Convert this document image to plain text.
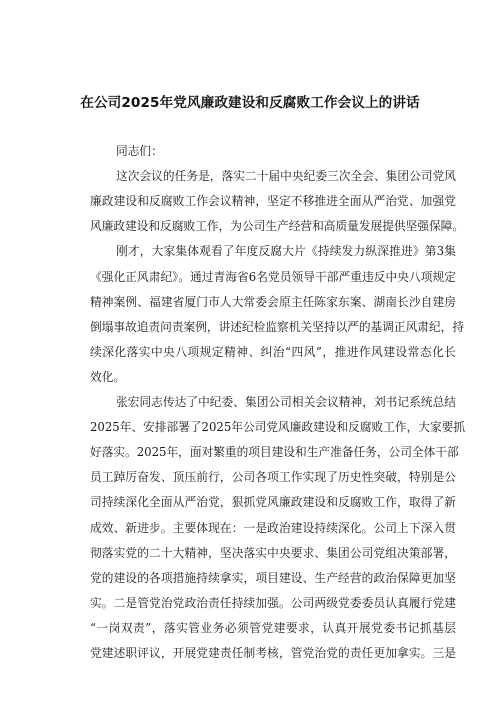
在公司2025年党风廉政建设和反腐败工作会议上的讲话
同志们：
这次会议的任务是，落实二十届中央纪委三次全会、集团公司党风
廉政建设和反腐败工作会议精神，坚定不移推进全面从严治党、加强党
风廉政建设和反腐败工作，为公司生产经营和高质量发展提供坚强保障。
刚才，大家集体观看了年度反腐大片《持续发力纵深推进》第3集
《强化正风肃纪》。通过青海省6名党员领导干部严重违反中央八项规定
精神案例、福建省厦门市人大常委会原主任陈家东案、湖南长沙自建房
倒塌事故追责问责案例，讲述纪检监察机关坚持以严的基调正风肃纪，持
续深化落实中央八项规定精神、纠治“四风”，推进作风建设常态化长
效化。
张宏同志传达了中纪委、集团公司相关会议精神，刘书记系统总结
2025年、安排部署了2025年公司党风廉政建设和反腐败工作，大家要抓
好落实。2025年，面对繁重的项目建设和生产准备任务，公司全体干部
员工踔厉奋发、顶压前行，公司各项工作实现了历史性突破，特别是公
司持续深化全面从严治党，狠抓党风廉政建设和反腐败工作，取得了新
成效、新进步。主要体现在：一是政治建设持续深化。公司上下深入贯
彻落实党的二十大精神，坚决落实中央要求、集团公司党组决策部署，
党的建设的各项措施持续拿实，项目建设、生产经营的政治保障更加坚
实。二是管党治党政治责任持续加强。公司两级党委委员认真履行党建
“一岗双责”，落实管业务必须管党建要求，认真开展党委书记抓基层
党建述职评议，开展党建责任制考核，管党治党的责任更加拿实。三是
